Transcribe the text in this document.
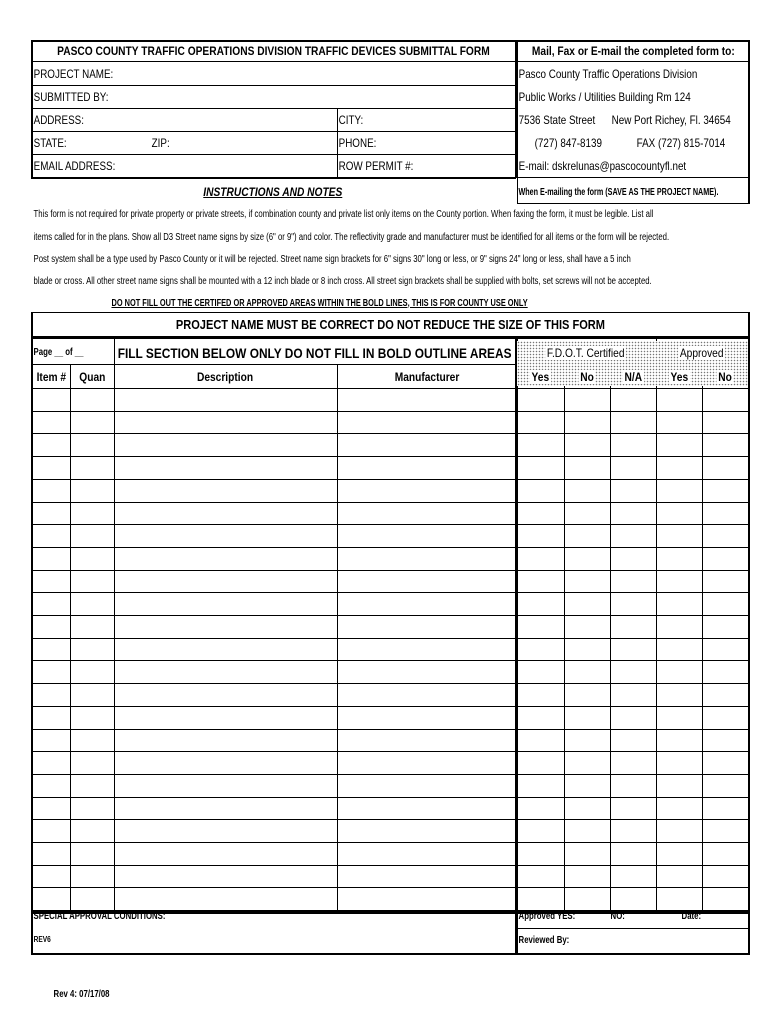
PASCO COUNTY TRAFFIC OPERATIONS DIVISION TRAFFIC DEVICES SUBMITTAL FORM	Mail, Fax or E-mail the completed form to:
PROJECT NAME:
SUBMITTED BY:
ADDRESS:	CITY:
STATE:	ZIP:	PHONE:
EMAIL ADDRESS:	ROW PERMIT #:
Pasco County Traffic Operations Division
Public Works / Utilities Building Rm 124
7536 State Street New Port Richey, Fl. 34654
(727) 847-8139	FAX (727) 815-7014
E-mail: dskrelunas@pascocountyfl.net
INSTRUCTIONS AND NOTES	When E-mailing the form (SAVE AS THE PROJECT NAME).
This form is not required for private property or private streets, if combination county and private list only items on the County portion. When faxing the form, it must be legible. List all
items called for in the plans. Show all D3 Street name signs by size (6" or 9") and color. The reflectivity grade and manufacturer must be identified for all items or the form will be rejected.
Post system shall be a type used by Pasco County or it will be rejected. Street name sign brackets for 6" signs 30" long or less, or 9" signs 24" long or less, shall have a 5 inch
blade or cross. All other street name signs shall be mounted with a 12 inch blade or 8 inch cross. All street sign brackets shall be supplied with bolts, set screws will not be accepted.
DO NOT FILL OUT THE CERTIFED OR APPROVED AREAS WITHIN THE BOLD LINES, THIS IS FOR COUNTY USE ONLY
PROJECT NAME MUST BE CORRECT DO NOT REDUCE THE SIZE OF THIS FORM
Page __ of __ FILL SECTION BELOW ONLY DO NOT FILL IN BOLD OUTLINE AREAS	F.D.O.T. Certified	Approved
Item # Quan	Description	Manufacturer	Yes	No	N/A Yes	No
SPECIAL APPROVAL CONDITIONS:
REV6
Approved YES:	NO:	Date:
Reviewed By:
Rev 4: 07/17/08
